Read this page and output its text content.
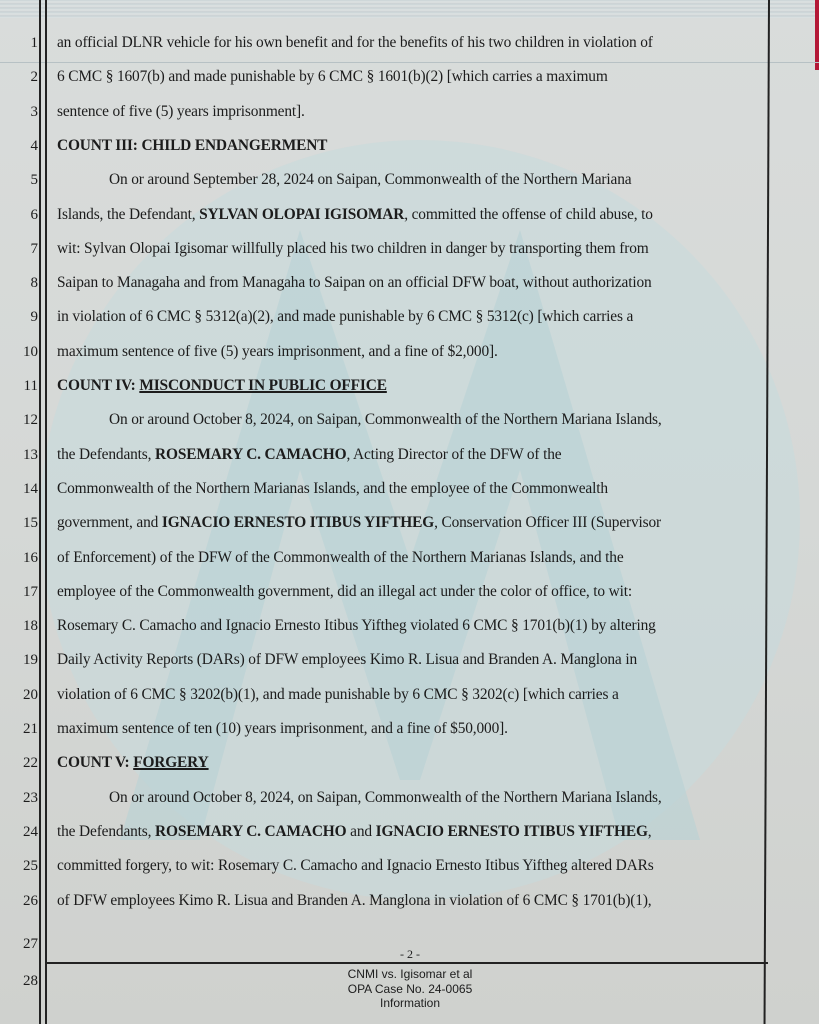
1
2
3
4
5
6
7
8
9
10
11
12
13
14
15
16
17
18
19
20
21
22
23
24
25
26
27
28
an official DLNR vehicle for his own benefit and for the benefits of his two children in violation of
6 CMC § 1607(b) and made punishable by 6 CMC § 1601(b)(2) [which carries a maximum
sentence of five (5) years imprisonment].
COUNT III: CHILD ENDANGERMENT
On or around September 28, 2024 on Saipan, Commonwealth of the Northern Mariana
Islands, the Defendant, SYLVAN OLOPAI IGISOMAR, committed the offense of child abuse, to
wit: Sylvan Olopai Igisomar willfully placed his two children in danger by transporting them from
Saipan to Managaha and from Managaha to Saipan on an official DFW boat, without authorization
in violation of 6 CMC § 5312(a)(2), and made punishable by 6 CMC § 5312(c) [which carries a
maximum sentence of five (5) years imprisonment, and a fine of $2,000].
COUNT IV: MISCONDUCT IN PUBLIC OFFICE
On or around October 8, 2024, on Saipan, Commonwealth of the Northern Mariana Islands,
the Defendants, ROSEMARY C. CAMACHO, Acting Director of the DFW of the
Commonwealth of the Northern Marianas Islands, and the employee of the Commonwealth
government, and IGNACIO ERNESTO ITIBUS YIFTHEG, Conservation Officer III (Supervisor
of Enforcement) of the DFW of the Commonwealth of the Northern Marianas Islands, and the
employee of the Commonwealth government, did an illegal act under the color of office, to wit:
Rosemary C. Camacho and Ignacio Ernesto Itibus Yiftheg violated 6 CMC § 1701(b)(1) by altering
Daily Activity Reports (DARs) of DFW employees Kimo R. Lisua and Branden A. Manglona in
violation of 6 CMC § 3202(b)(1), and made punishable by 6 CMC § 3202(c) [which carries a
maximum sentence of ten (10) years imprisonment, and a fine of $50,000].
COUNT V: FORGERY
On or around October 8, 2024, on Saipan, Commonwealth of the Northern Mariana Islands,
the Defendants, ROSEMARY C. CAMACHO and IGNACIO ERNESTO ITIBUS YIFTHEG,
committed forgery, to wit: Rosemary C. Camacho and Ignacio Ernesto Itibus Yiftheg altered DARs
of DFW employees Kimo R. Lisua and Branden A. Manglona in violation of 6 CMC § 1701(b)(1),
- 2 -
CNMI vs. Igisomar et al
OPA Case No. 24-0065
Information
